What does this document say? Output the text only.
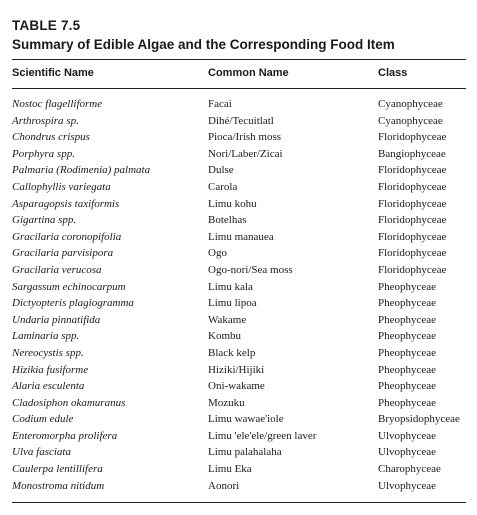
TABLE 7.5
Summary of Edible Algae and the Corresponding Food Item
Scientific Name	Common Name	Class
Nostoc flagelliforme	Facai	Cyanophyceae
Arthrospira sp.	Dihé/Tecuitlatl	Cyanophyceae
Chondrus crispus	Pioca/Irish moss	Floridophyceae
Porphyra spp.	Nori/Laber/Zicai	Bangiophyceae
Palmaria (Rodimenia) palmata	Dulse	Floridophyceae
Callophyllis variegata	Carola	Floridophyceae
Asparagopsis taxiformis	Limu kohu	Floridophyceae
Gigartina spp.	Botelhas	Floridophyceae
Gracilaria coronopifolia	Limu manauea	Floridophyceae
Gracilaria parvisipora	Ogo	Floridophyceae
Gracilaria verucosa	Ogo-nori/Sea moss	Floridophyceae
Sargassum echinocarpum	Limu kala	Pheophyceae
Dictyopteris plagiogramma	Limu lipoa	Pheophyceae
Undaria pinnatifida	Wakame	Pheophyceae
Laminaria spp.	Kombu	Pheophyceae
Nereocystis spp.	Black kelp	Pheophyceae
Hizikia fusiforme	Hiziki/Hijiki	Pheophyceae
Alaria esculenta	Oni-wakame	Pheophyceae
Cladosiphon okamuranus	Mozuku	Pheophyceae
Codium edule	Limu wawae'iole	Bryopsidophyceae
Enteromorpha prolifera	Limu 'ele'ele/green laver	Ulvophyceae
Ulva fasciata	Limu palahalaha	Ulvophyceae
Caulerpa lentillifera	Limu Eka	Charophyceae
Monostroma nitidum	Aonori	Ulvophyceae
